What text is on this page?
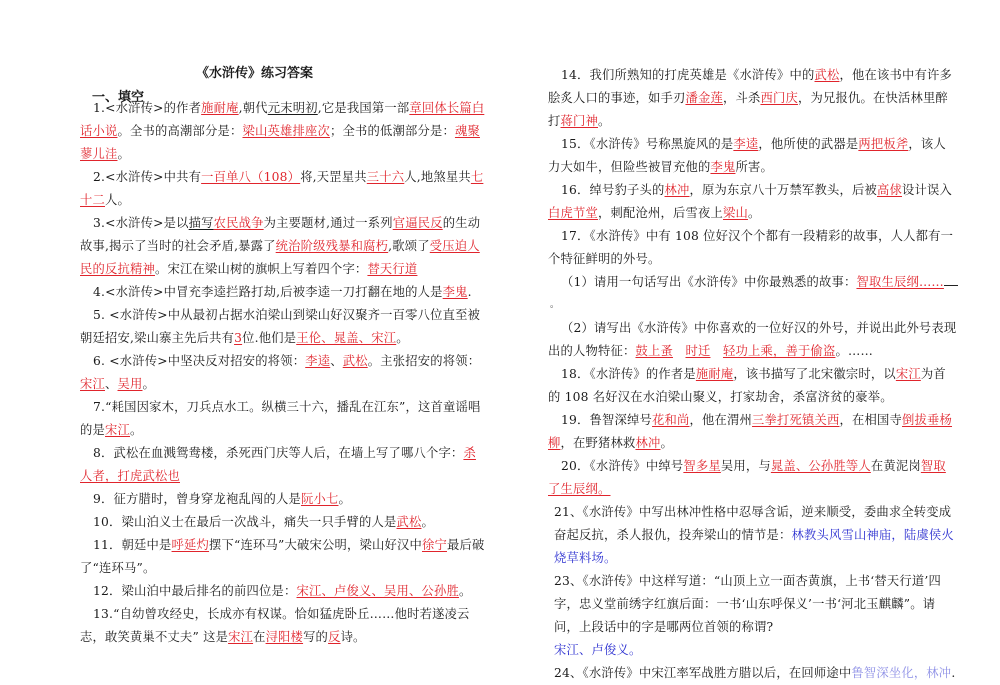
《水浒传》练习答案
一、填空

1.<水浒传>的作者施耐庵,朝代元末明初,它是我国第一部章回体长篇白话小说。全书的高潮部分是：梁山英雄排座次；全书的低潮部分是：魂聚蓼儿洼。

2.<水浒传>中共有一百单八（108）将,天罡星共三十六人,地煞星共七十二人。

3.<水浒传>是以描写农民战争为主要题材,通过一系列官逼民反的生动故事,揭示了当时的社会矛盾,暴露了统治阶级残暴和腐朽,歌颂了受压迫人民的反抗精神。宋江在梁山树的旗帜上写着四个字：替天行道

4.<水浒传>中冒充李逵拦路打劫,后被李逵一刀打翻在地的人是李鬼.

5. <水浒传>中从最初占据水泊梁山到梁山好汉聚齐一百零八位直至被朝廷招安,梁山寨主先后共有3位.他们是王伦、晁盖、宋江。

6. <水浒传>中坚决反对招安的将领：李逵、武松。主张招安的将领：宋江、吴用。

7.“耗国因家木，刀兵点水工。纵横三十六，播乱在江东”，这首童谣唱的是宋江。

8．武松在血溅鸳鸯楼，杀死西门庆等人后，在墙上写了哪八个字：杀人者，打虎武松也

9．征方腊时，曾身穿龙袍乱闯的人是阮小七。

10．梁山泊义士在最后一次战斗，痛失一只手臂的人是武松。

11．朝廷中是呼延灼摆下“连环马”大破宋公明，梁山好汉中徐宁最后破了“连环马”。

12．梁山泊中最后排名的前四位是：宋江、卢俊义、吴用、公孙胜。

13.“自幼曾攻经史，长成亦有权谋。恰如猛虎卧丘……他时若遂凌云志，敢笑黄巢不丈夫” 这是宋江在浔阳楼写的反诗。

14．我们所熟知的打虎英雄是《水浒传》中的武松，他在该书中有许多脍炙人口的事迹，如手刃潘金莲，斗杀西门庆，为兄报仇。在快活林里醉打蒋门神。

15．《水浒传》号称黑旋风的是李逵，他所使的武器是两把板斧，该人力大如牛，但险些被冒充他的李鬼所害。

16．绰号豹子头的林冲，原为东京八十万禁军教头，后被高俅设计误入白虎节堂，刺配沧州，后雪夜上梁山。

17．《水浒传》中有 108 位好汉个个都有一段精彩的故事，人人都有一个特征鲜明的外号。

（1）请用一句话写出《水浒传》中你最熟悉的故事：智取生辰纲……

。

（2）请写出《水浒传》中你喜欢的一位好汉的外号，并说出此外号表现出的人物特征：鼓上蚤　 时迁　 轻功上乘，善于偷盗。……

18．《水浒传》的作者是施耐庵，该书描写了北宋徽宗时，以宋江为首的 108 名好汉在水泊梁山聚义，打家劫舍，杀富济贫的豪举。

19．鲁智深绰号花和尚，他在渭州三拳打死镇关西，在相国寺倒拔垂杨柳，在野猪林救林冲。

20．《水浒传》中绰号智多星吴用，与晁盖、公孙胜等人在黄泥岗智取了生辰纲。

21、《水浒传》中写出林冲性格中忍辱含诟，逆来顺受，委曲求全转变成奋起反抗，杀人报仇，投奔梁山的情节是：林教头风雪山神庙，陆虞侯火烧草料场。

23、《水浒传》中这样写道：“山顶上立一面杏黄旗，上书‘替天行道’四字，忠义堂前绣字红旗后面：一书‘山东呼保义’一书‘河北玉麒麟”。请问，上段话中的字是哪两位首领的称谓?

宋江、卢俊义。

24、《水浒传》中宋江率军战胜方腊以后，在回师途中鲁智深坐化，林冲.
